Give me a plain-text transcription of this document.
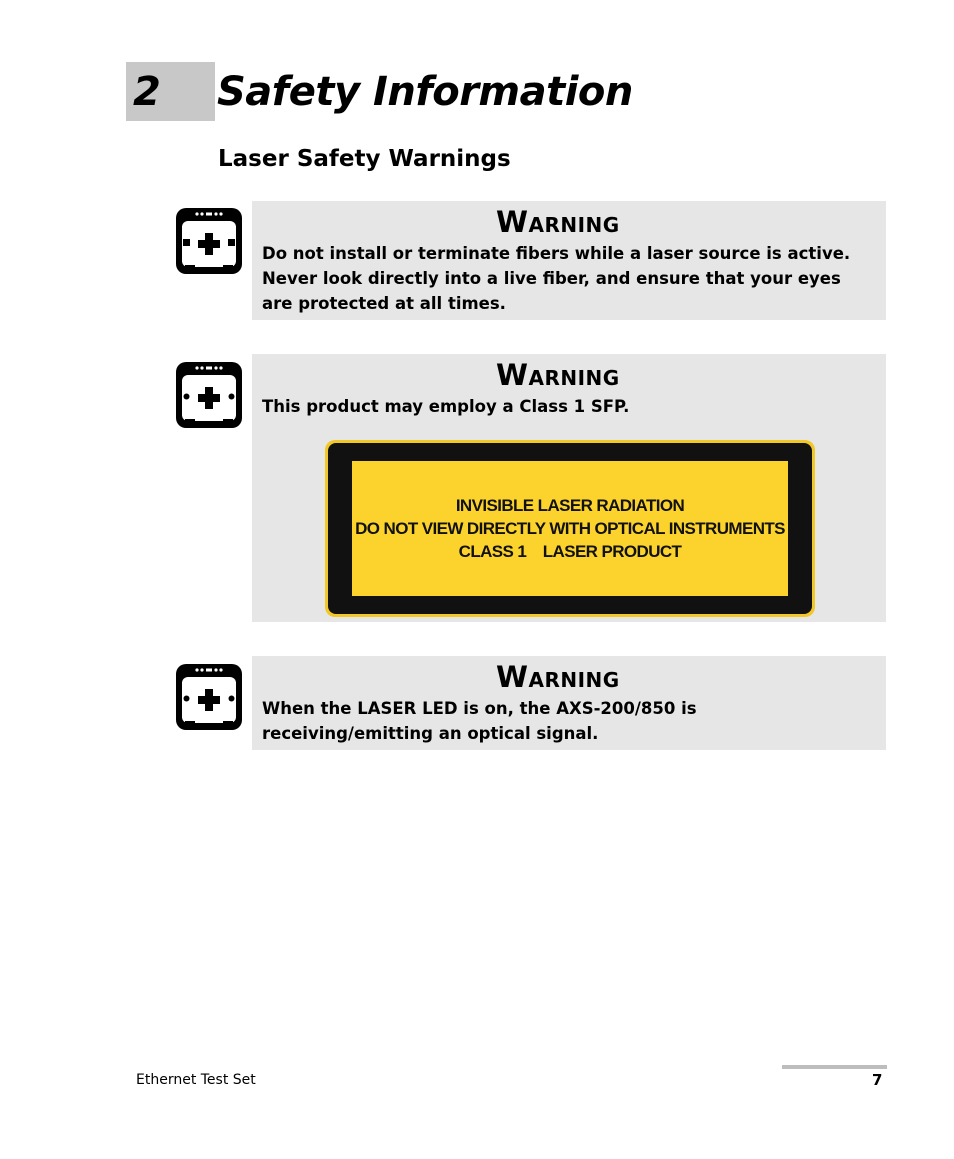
2 Safety Information
Laser Safety Warnings
Warning

Do not install or terminate fibers while a laser source is active. Never look directly into a live fiber, and ensure that your eyes are protected at all times.

Warning

This product may employ a Class 1 SFP.

INVISIBLE LASER RADIATION
DO NOT VIEW DIRECTLY WITH OPTICAL INSTRUMENTS
CLASS 1    LASER PRODUCT
Warning

When the LASER LED is on, the AXS-200/850 is receiving/emitting an optical signal.

Ethernet Test Set	7
